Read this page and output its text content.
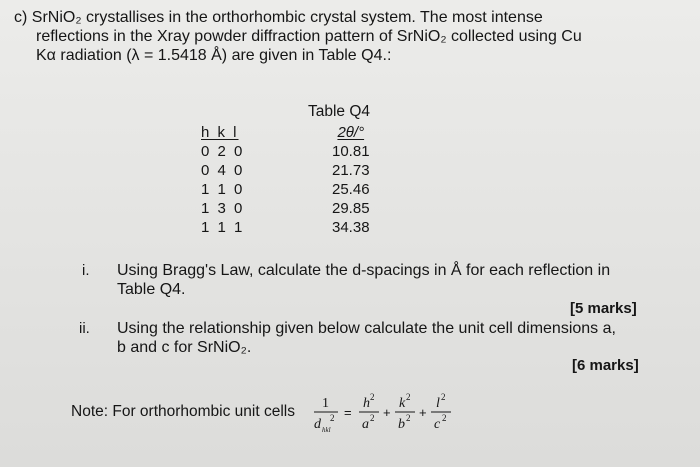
c) SrNiO₂ crystallises in the orthorhombic crystal system. The most intense
reflections in the Xray powder diffraction pattern of SrNiO₂ collected using Cu
Kα radiation (λ = 1.5418 Å) are given in Table Q4.:
Table Q4
h k l
0 2 0
0 4 0
1 1 0
1 3 0
1 1 1
2θ/°
10.81
21.73
25.46
29.85
34.38
i. Using Bragg's Law, calculate the d-spacings in Å for each reflection in
Table Q4.
[5 marks]
ii. Using the relationship given below calculate the unit cell dimensions a,
b and c for SrNiO₂.
[6 marks]
Note: For orthorhombic unit cells 1
d 2
hkl
=
h 2
a 2 +
k 2
b 2 +
l 2
c 2
